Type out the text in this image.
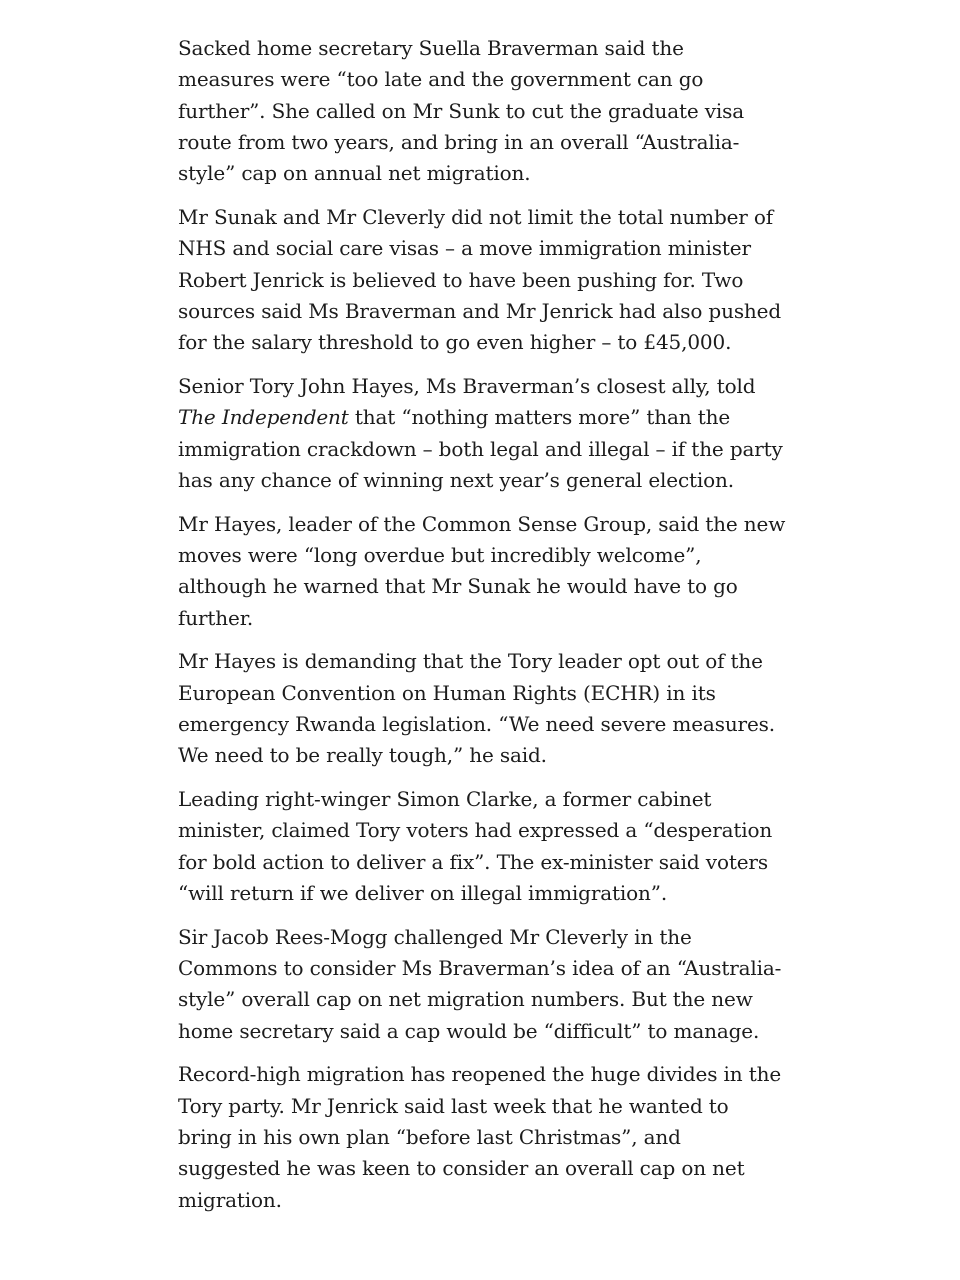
Sacked home secretary Suella Braverman said the measures were “too late and the government can go further”. She called on Mr Sunk to cut the graduate visa route from two years, and bring in an overall “Australia-style” cap on annual net migration.

Mr Sunak and Mr Cleverly did not limit the total number of NHS and social care visas – a move immigration minister Robert Jenrick is believed to have been pushing for. Two sources said Ms Braverman and Mr Jenrick had also pushed for the salary threshold to go even higher – to £45,000.

Senior Tory John Hayes, Ms Braverman’s closest ally, told The Independent that “nothing matters more” than the immigration crackdown – both legal and illegal – if the party has any chance of winning next year’s general election.

Mr Hayes, leader of the Common Sense Group, said the new moves were “long overdue but incredibly welcome”, although he warned that Mr Sunak he would have to go further.

Mr Hayes is demanding that the Tory leader opt out of the European Convention on Human Rights (ECHR) in its emergency Rwanda legislation. “We need severe measures. We need to be really tough,” he said.

Leading right-winger Simon Clarke, a former cabinet minister, claimed Tory voters had expressed a “desperation for bold action to deliver a fix”. The ex-minister said voters “will return if we deliver on illegal immigration”.

Sir Jacob Rees-Mogg challenged Mr Cleverly in the Commons to consider Ms Braverman’s idea of an “Australia-style” overall cap on net migration numbers. But the new home secretary said a cap would be “difficult” to manage.

Record-high migration has reopened the huge divides in the Tory party. Mr Jenrick said last week that he wanted to bring in his own plan “before last Christmas”, and suggested he was keen to consider an overall cap on net migration.
